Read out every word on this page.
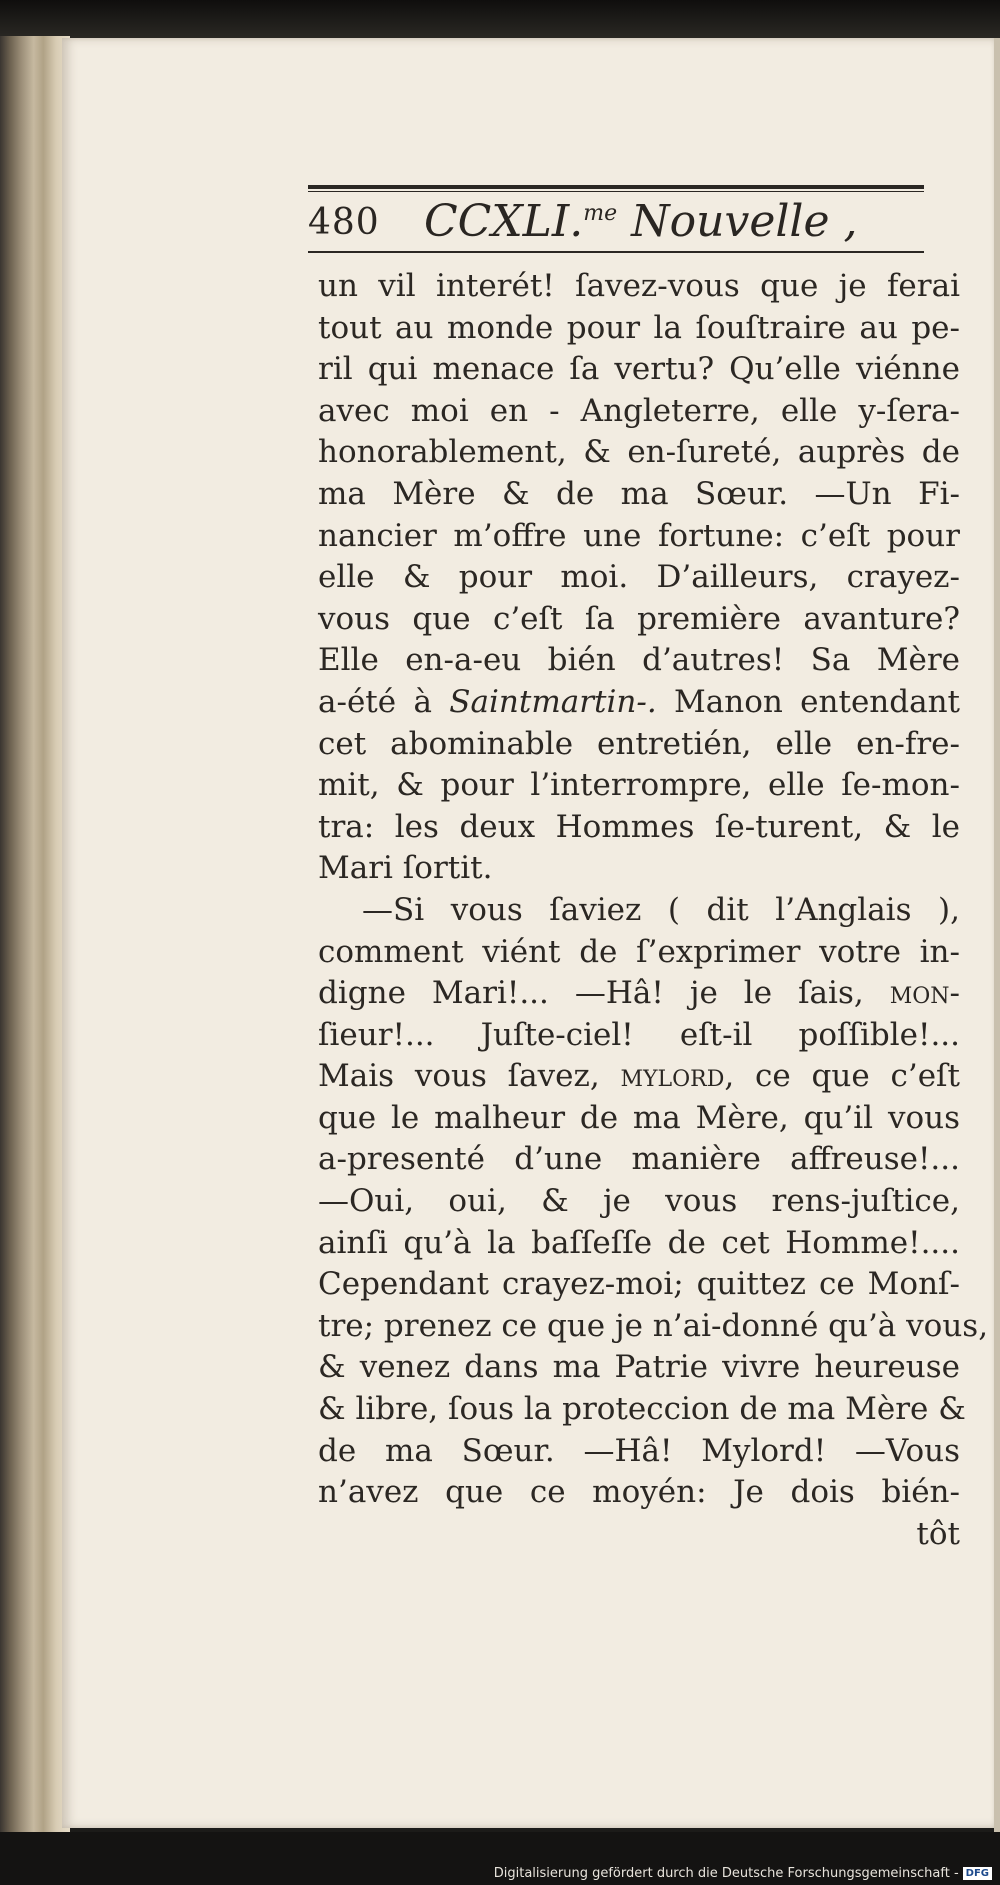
480 CCXLI.$^{me}$ Nouvelle ,
un vil interét! ſavez-vous que je ferai
tout au monde pour la ſouſtraire au pe-
ril qui menace ſa vertu? Qu’elle viénne
avec moi en - Angleterre, elle y-ſera-
honorablement, & en-ſureté, auprès de
ma Mère & de ma Sœur. —Un Fi-
nancier m’offre une fortune: c’eſt pour
elle & pour moi. D’ailleurs, crayez-
vous que c’eſt ſa première avanture?
Elle en-a-eu bién d’autres! Sa Mère
a-été à Saintmartin-. Manon entendant
cet abominable entretién, elle en-fre-
mit, & pour l’interrompre, elle ſe-mon-
tra: les deux Hommes ſe-turent, & le
Mari ſortit.
—Si vous ſaviez ( dit l’Anglais ),
comment viént de ſ’exprimer votre in-
digne Mari!... —Hâ! je le ſais, mon-
ſieur!... Juſte-ciel! eſt-il poſſible!...
Mais vous ſavez, mylord, ce que c’eſt
que le malheur de ma Mère, qu’il vous
a-presenté d’une manière affreuse!...
—Oui, oui, & je vous rens-juſtice,
ainſi qu’à la baſſeſſe de cet Homme!....
Cependant crayez-moi; quittez ce Monſ-
tre; prenez ce que je n’ai-donné qu’à vous,
& venez dans ma Patrie vivre heureuse
& libre, ſous la proteccion de ma Mère &
de ma Sœur. —Hâ! Mylord! —Vous
n’avez que ce moyén: Je dois bién-
tôt
Digitalisierung gefördert durch die Deutsche Forschungsgemeinschaft - DFG
